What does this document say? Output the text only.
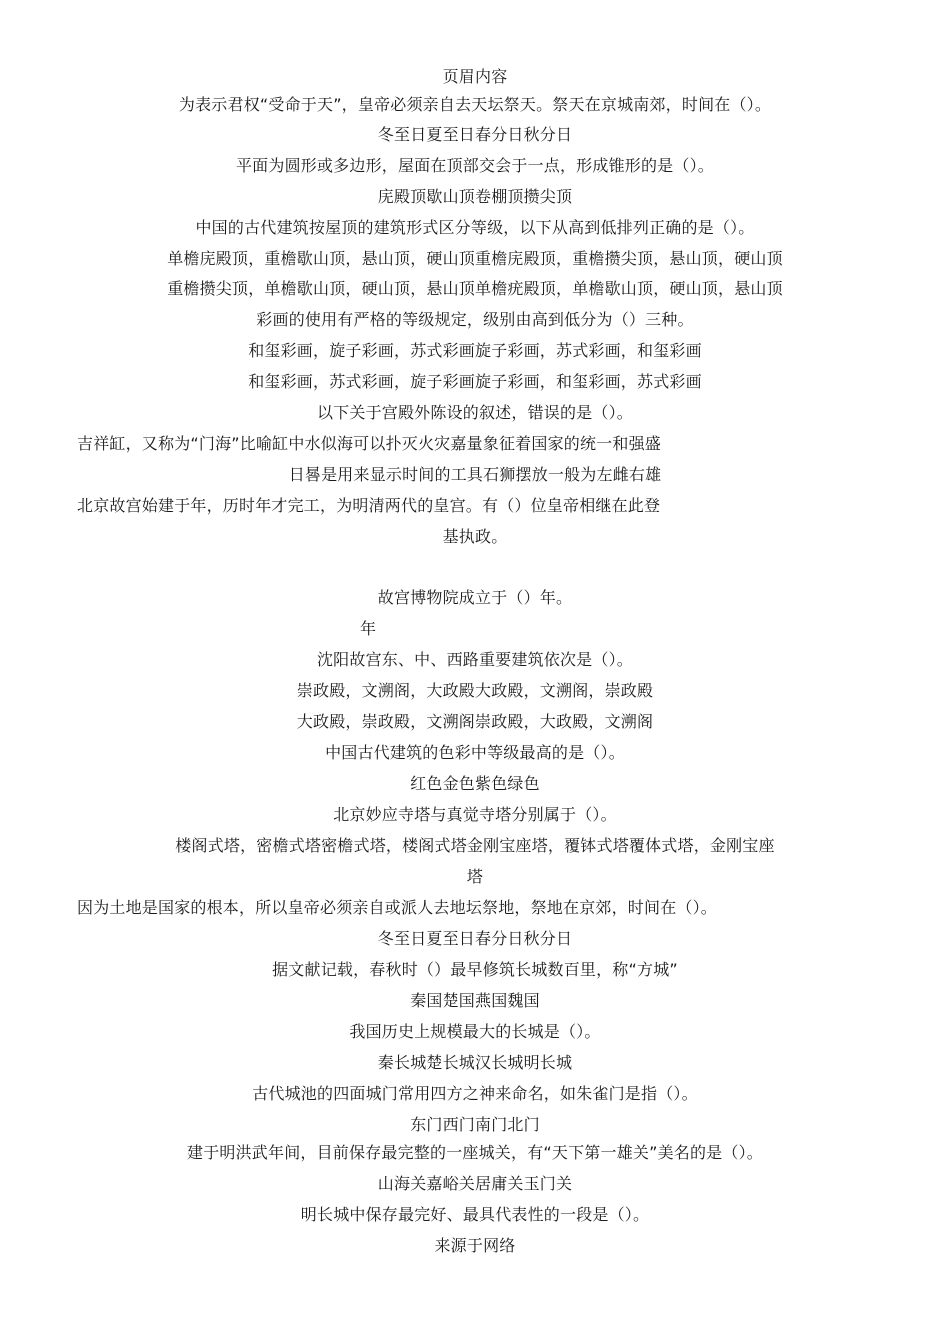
页眉内容
为表示君权“受命于天”，皇帝必须亲自去天坛祭天。祭天在京城南郊，时间在（）。
冬至日夏至日春分日秋分日
平面为圆形或多边形，屋面在顶部交会于一点，形成锥形的是（）。
庑殿顶歇山顶卷棚顶攒尖顶
中国的古代建筑按屋顶的建筑形式区分等级，以下从高到低排列正确的是（）。
单檐庑殿顶，重檐歇山顶，悬山顶，硬山顶重檐庑殿顶，重檐攒尖顶，悬山顶，硬山顶
重檐攒尖顶，单檐歇山顶，硬山顶，悬山顶单檐疣殿顶，单檐歇山顶，硬山顶，悬山顶
彩画的使用有严格的等级规定，级别由高到低分为（）三种。
和玺彩画，旋子彩画，苏式彩画旋子彩画，苏式彩画，和玺彩画
和玺彩画，苏式彩画，旋子彩画旋子彩画，和玺彩画，苏式彩画
以下关于宫殿外陈设的叙述，错误的是（）。
吉祥缸，又称为“门海”比喻缸中水似海可以扑灭火灾嘉量象征着国家的统一和强盛
日晷是用来显示时间的工具石狮摆放一般为左雌右雄
北京故宫始建于年，历时年才完工，为明清两代的皇宫。有（）位皇帝相继在此登
基执政。
故宫博物院成立于（）年。
年
沈阳故宫东、中、西路重要建筑依次是（）。
崇政殿，文溯阁，大政殿大政殿，文溯阁，崇政殿
大政殿，崇政殿，文溯阁崇政殿，大政殿，文溯阁
中国古代建筑的色彩中等级最高的是（）。
红色金色紫色绿色
北京妙应寺塔与真觉寺塔分别属于（）。
楼阁式塔，密檐式塔密檐式塔，楼阁式塔金刚宝座塔，覆钵式塔覆体式塔，金刚宝座
塔
因为土地是国家的根本，所以皇帝必须亲自或派人去地坛祭地，祭地在京郊，时间在（）。
冬至日夏至日春分日秋分日
据文献记载，春秋时（）最早修筑长城数百里，称“方城”
秦国楚国燕国魏国
我国历史上规模最大的长城是（）。
秦长城楚长城汉长城明长城
古代城池的四面城门常用四方之神来命名，如朱雀门是指（）。
东门西门南门北门
建于明洪武年间，目前保存最完整的一座城关，有“天下第一雄关”美名的是（）。
山海关嘉峪关居庸关玉门关
明长城中保存最完好、最具代表性的一段是（）。
来源于网络
